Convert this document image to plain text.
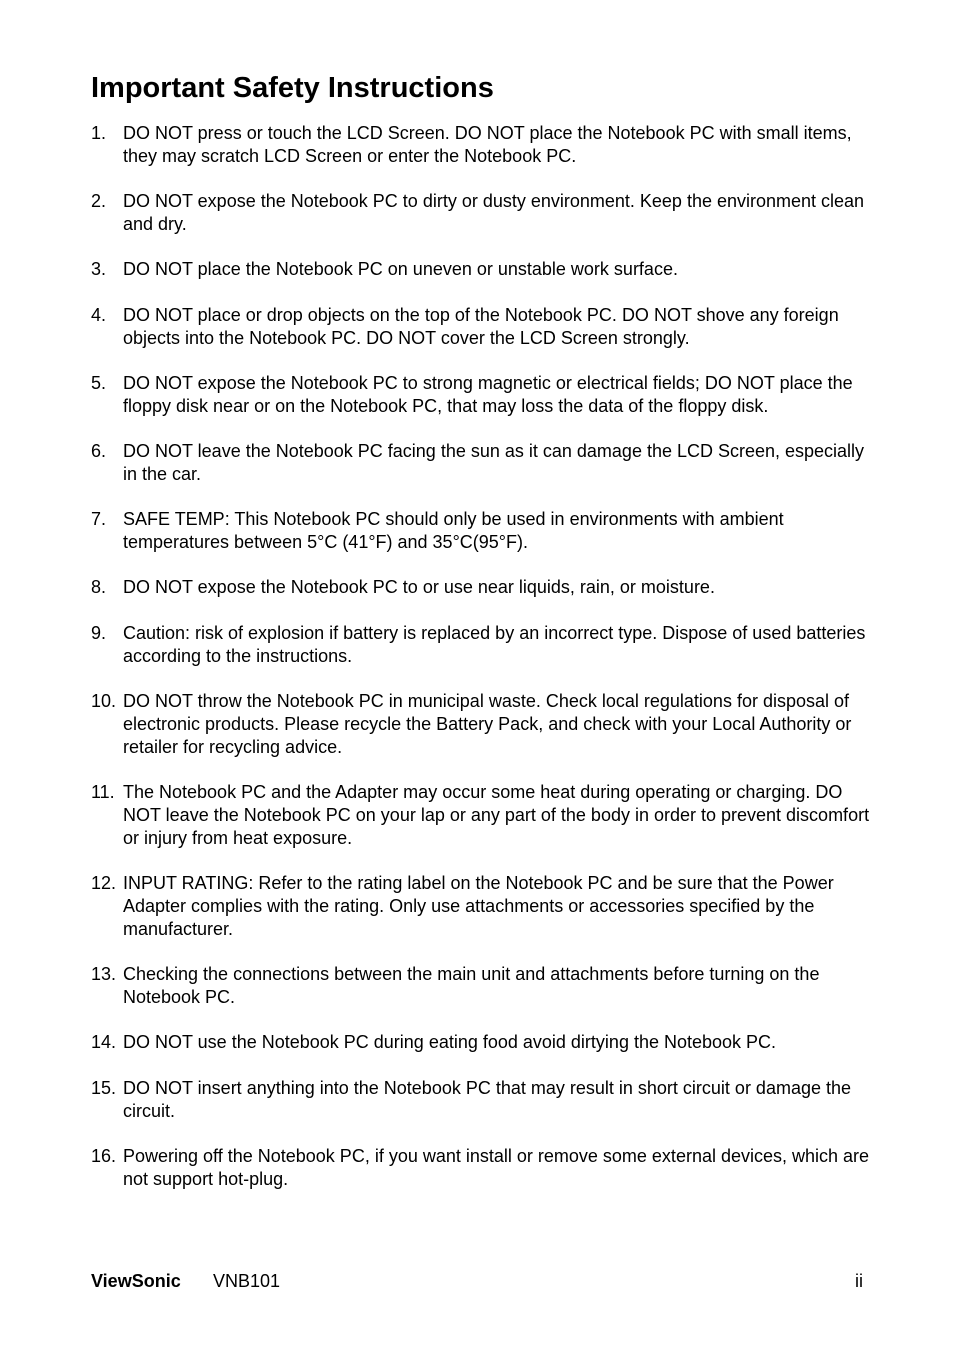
Important Safety Instructions
1. DO NOT press or touch the LCD Screen. DO NOT place the Notebook PC with small items, they may scratch LCD Screen or enter the Notebook PC.
2. DO NOT expose the Notebook PC to dirty or dusty environment. Keep the environment clean and dry.
3. DO NOT place the Notebook PC on uneven or unstable work surface.
4. DO NOT place or drop objects on the top of the Notebook PC. DO NOT shove any foreign objects into the Notebook PC. DO NOT cover the LCD Screen strongly.
5. DO NOT expose the Notebook PC to strong magnetic or electrical fields; DO NOT place the floppy disk near or on the Notebook PC, that may loss the data of the floppy disk.
6. DO NOT leave the Notebook PC facing the sun as it can damage the LCD Screen, especially in the car.
7. SAFE TEMP: This Notebook PC should only be used in environments with ambient temperatures between 5°C (41°F) and 35°C(95°F).
8. DO NOT expose the Notebook PC to or use near liquids, rain, or moisture.
9. Caution: risk of explosion if battery is replaced by an incorrect type. Dispose of used batteries according to the instructions.
10. DO NOT throw the Notebook PC in municipal waste. Check local regulations for disposal of electronic products. Please recycle the Battery Pack, and check with your Local Authority or retailer for recycling advice.
11. The Notebook PC and the Adapter may occur some heat during operating or charging. DO NOT leave the Notebook PC on your lap or any part of the body in order to prevent discomfort or injury from heat exposure.
12. INPUT RATING: Refer to the rating label on the Notebook PC and be sure that the Power Adapter complies with the rating. Only use attachments or accessories specified by the manufacturer.
13. Checking the connections between the main unit and attachments before turning on the Notebook PC.
14. DO NOT use the Notebook PC during eating food avoid dirtying the Notebook PC.
15. DO NOT insert anything into the Notebook PC that may result in short circuit or damage the circuit.
16. Powering off the Notebook PC, if you want install or remove some external devices, which are not support hot-plug.
ViewSonic VNB101	ii
